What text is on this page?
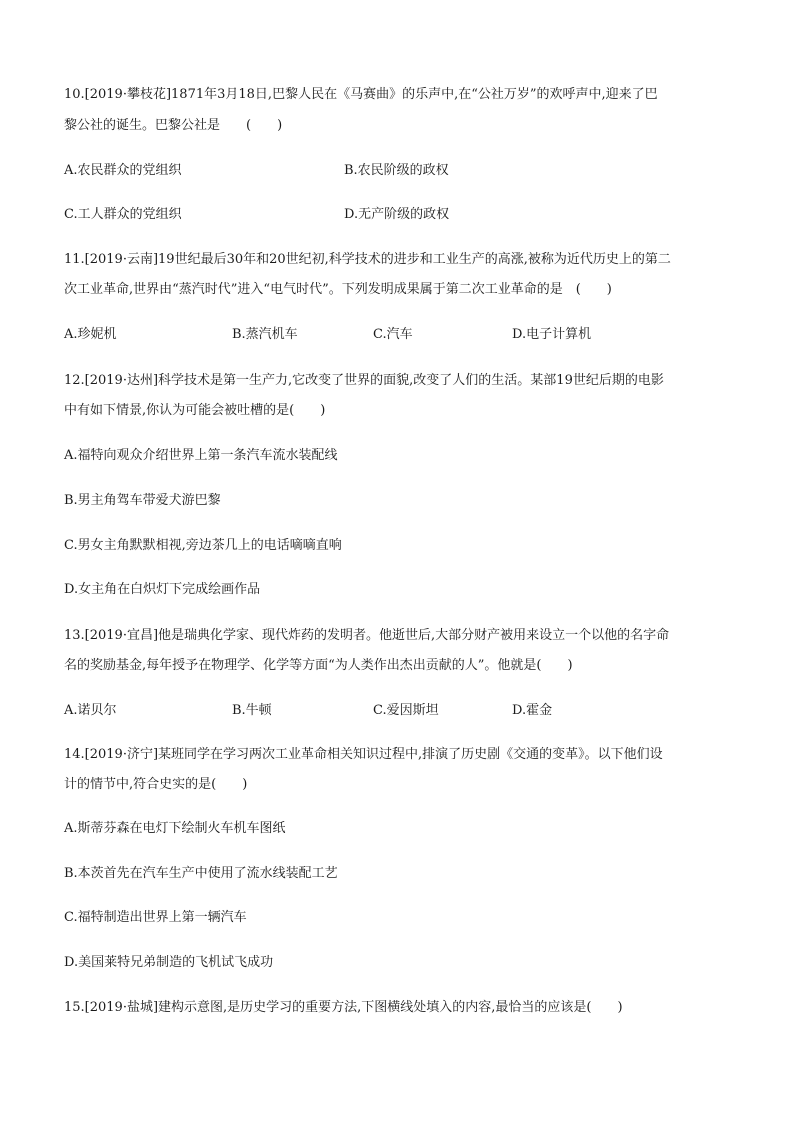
10.[2019·攀枝花]1871年3月18日,巴黎人民在《马赛曲》的乐声中,在“公社万岁”的欢呼声中,迎来了巴
黎公社的诞生。巴黎公社是　　(　　)
A.农民群众的党组织	B.农民阶级的政权
C.工人群众的党组织	D.无产阶级的政权
11.[2019·云南]19世纪最后30年和20世纪初,科学技术的进步和工业生产的高涨,被称为近代历史上的第二
次工业革命,世界由“蒸汽时代”进入“电气时代”。下列发明成果属于第二次工业革命的是　(　　)
A.珍妮机	B.蒸汽机车	C.汽车	D.电子计算机
12.[2019·达州]科学技术是第一生产力,它改变了世界的面貌,改变了人们的生活。某部19世纪后期的电影
中有如下情景,你认为可能会被吐槽的是(　　)
A.福特向观众介绍世界上第一条汽车流水装配线
B.男主角驾车带爱犬游巴黎
C.男女主角默默相视,旁边茶几上的电话嘀嘀直响
D.女主角在白炽灯下完成绘画作品
13.[2019·宜昌]他是瑞典化学家、现代炸药的发明者。他逝世后,大部分财产被用来设立一个以他的名字命
名的奖励基金,每年授予在物理学、化学等方面“为人类作出杰出贡献的人”。他就是(　　)
A.诺贝尔	B.牛顿	C.爱因斯坦	D.霍金
14.[2019·济宁]某班同学在学习两次工业革命相关知识过程中,排演了历史剧《交通的变革》。以下他们设
计的情节中,符合史实的是(　　)
A.斯蒂芬森在电灯下绘制火车机车图纸
B.本茨首先在汽车生产中使用了流水线装配工艺
C.福特制造出世界上第一辆汽车
D.美国莱特兄弟制造的飞机试飞成功
15.[2019·盐城]建构示意图,是历史学习的重要方法,下图横线处填入的内容,最恰当的应该是(　　)
